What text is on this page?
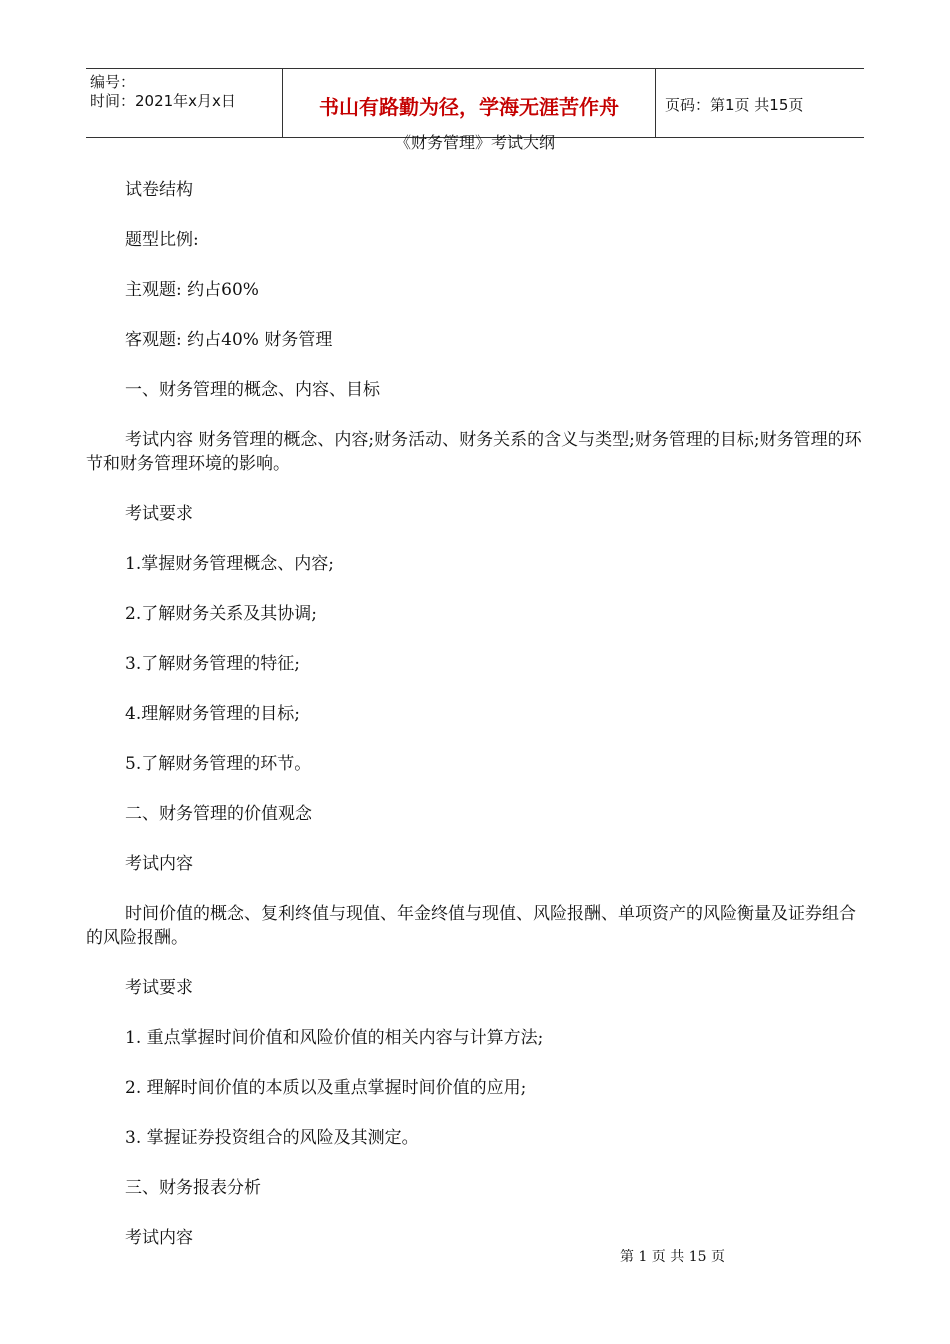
编号：
时间：2021年x月x日	书山有路勤为径，学海无涯苦作舟	页码：第1页 共15页
《财务管理》考试大纲

试卷结构

题型比例:

主观题: 约占60%

客观题: 约占40% 财务管理

一、财务管理的概念、内容、目标

考试内容 财务管理的概念、内容;财务活动、财务关系的含义与类型;财务管理的目标;财务管理的环节和财务管理环境的影响。

考试要求

1.掌握财务管理概念、内容;

2.了解财务关系及其协调;

3.了解财务管理的特征;

4.理解财务管理的目标;

5.了解财务管理的环节。

二、财务管理的价值观念

考试内容

时间价值的概念、复利终值与现值、年金终值与现值、风险报酬、单项资产的风险衡量及证券组合的风险报酬。

考试要求

1. 重点掌握时间价值和风险价值的相关内容与计算方法;

2. 理解时间价值的本质以及重点掌握时间价值的应用;

3. 掌握证券投资组合的风险及其测定。

三、财务报表分析

考试内容

第 1 页 共 15 页
